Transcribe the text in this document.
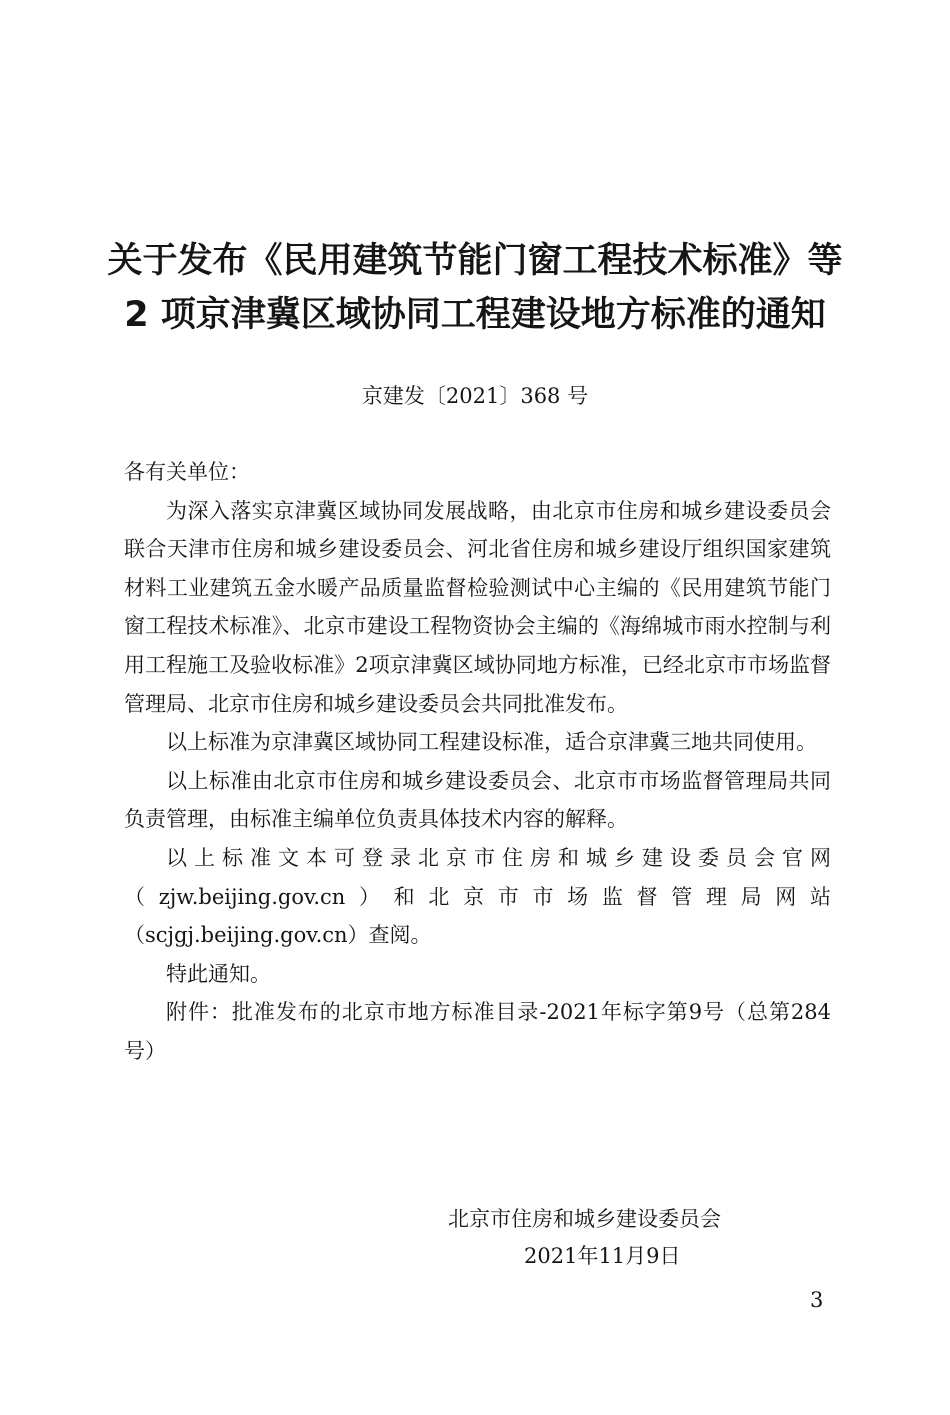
关于发布《民用建筑节能门窗工程技术标准》等
2 项京津冀区域协同工程建设地方标准的通知
京建发〔2021〕368 号

各有关单位：

为深入落实京津冀区域协同发展战略，由北京市住房和城乡建设委员会联合天津市住房和城乡建设委员会、河北省住房和城乡建设厅组织国家建筑材料工业建筑五金水暖产品质量监督检验测试中心主编的《民用建筑节能门窗工程技术标准》、北京市建设工程物资协会主编的《海绵城市雨水控制与利用工程施工及验收标准》2项京津冀区域协同地方标准，已经北京市市场监督管理局、北京市住房和城乡建设委员会共同批准发布。

以上标准为京津冀区域协同工程建设标准，适合京津冀三地共同使用。

以上标准由北京市住房和城乡建设委员会、北京市市场监督管理局共同负责管理，由标准主编单位负责具体技术内容的解释。

以上标准文本可登录北京市住房和城乡建设委员会官网（zjw.beijing.gov.cn）和北京市市场监督管理局网站（scjgj.beijing.gov.cn）查阅。

特此通知。

附件：批准发布的北京市地方标准目录-2021年标字第9号（总第284号）

北京市住房和城乡建设委员会
2021年11月9日
3
